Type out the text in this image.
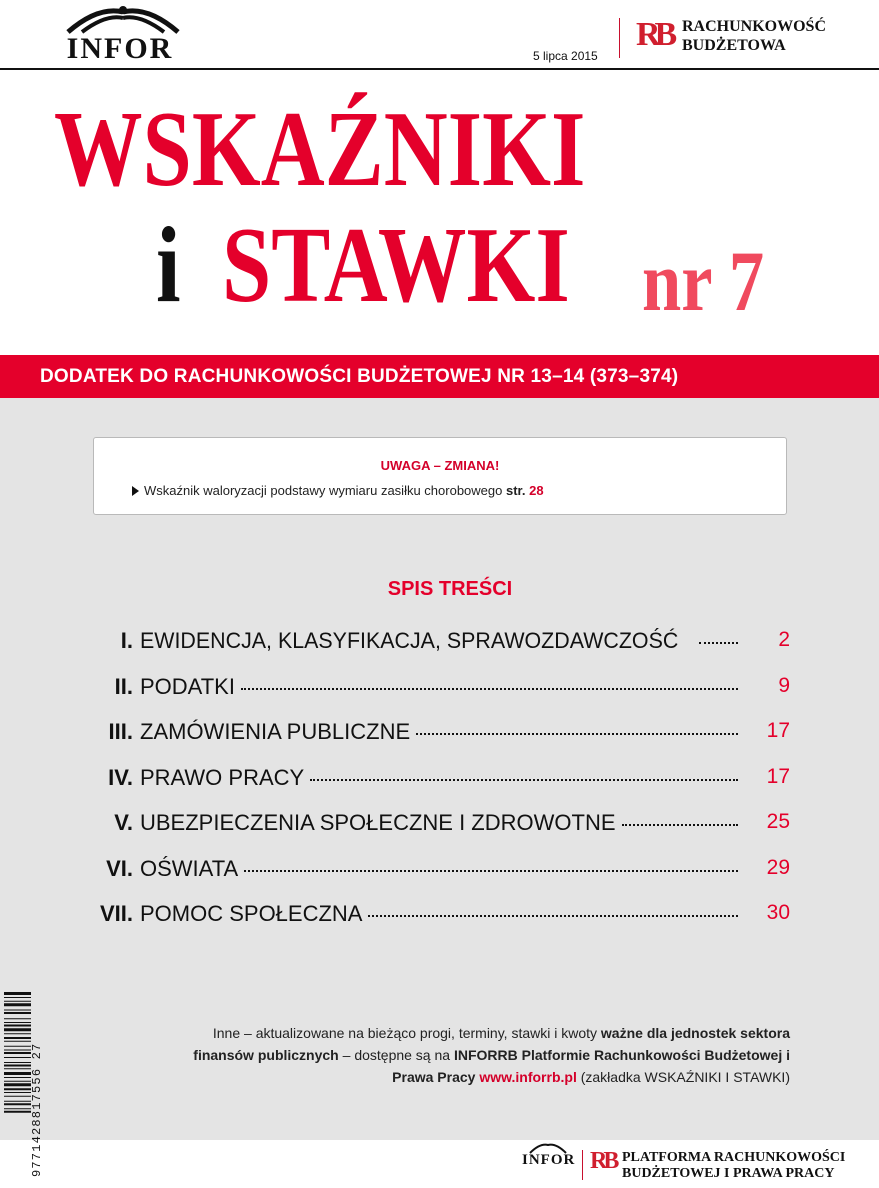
INFOR	5 lipca 2015
RB RACHUNKOWOŚĆ
BUDŻETOWA
WSKAŹNIKI
i STAWKI nr 7
DODATEK DO RACHUNKOWOŚCI BUDŻETOWEJ NR 13–14 (373–374)
UWAGA – ZMIANA!
Wskaźnik waloryzacji podstawy wymiaru zasiłku chorobowego str. 28
SPIS TREŚCI
I. EWIDENCJA, KLASYFIKACJA, SPRAWOZDAWCZOŚĆ	2
II. PODATKI	9
III. ZAMÓWIENIA PUBLICZNE	17
IV. PRAWO PRACY	17
V. UBEZPIECZENIA SPOŁECZNE I ZDROWOTNE	25
VI. OŚWIATA	29
VII. POMOC SPOŁECZNA	30
Inne – aktualizowane na bieżąco progi, terminy, stawki i kwoty ważne dla jednostek sektora finansów publicznych – dostępne są na INFORRB Platformie Rachunkowości Budżetowej i Prawa Pracy www.inforrb.pl (zakładka WSKAŹNIKI I STAWKI)
9771428817556 27	INFOR RB PLATFORMA RACHUNKOWOŚCI
BUDŻETOWEJ I PRAWA PRACY
